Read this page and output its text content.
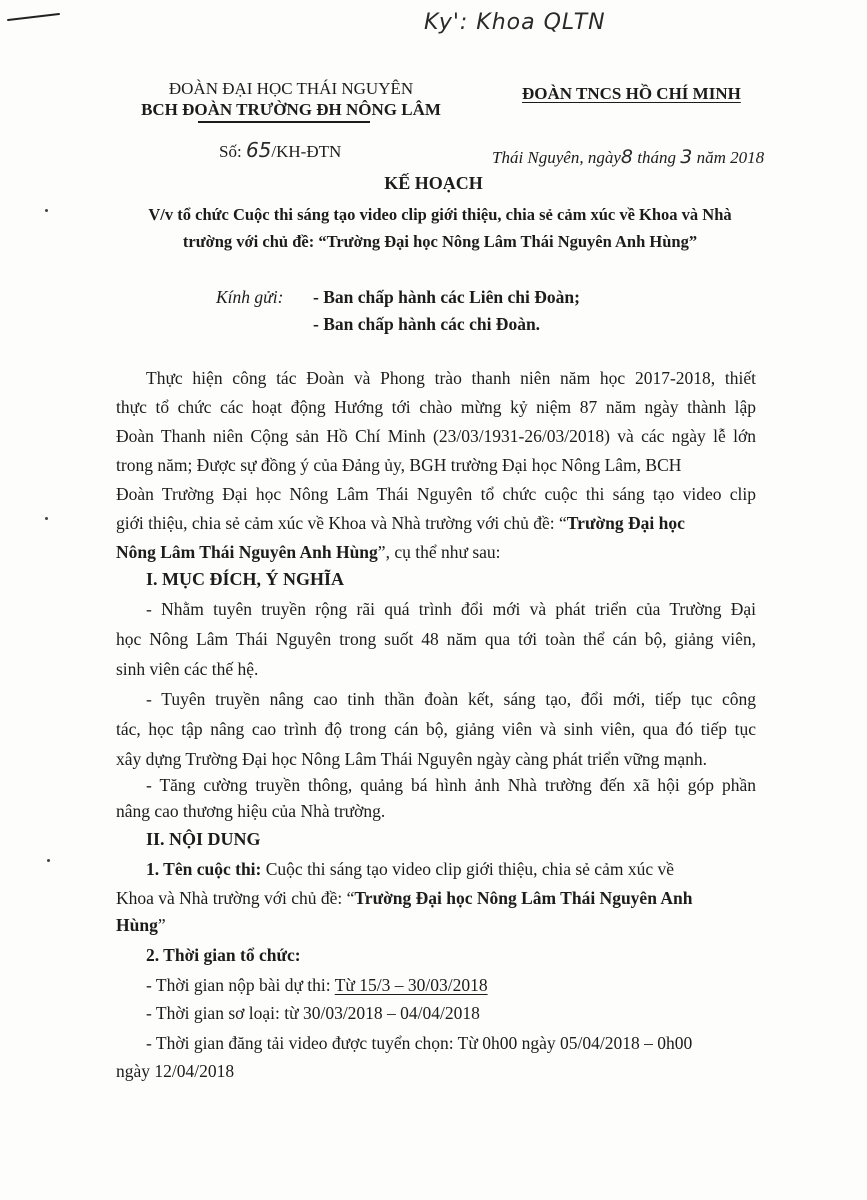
Ky': Khoa QLTN
ĐOÀN ĐẠI HỌC THÁI NGUYÊN
BCH ĐOÀN TRƯỜNG ĐH NÔNG LÂM
ĐOÀN TNCS HỒ CHÍ MINH
Số: 65/KH-ĐTN	Thái Nguyên, ngày8 tháng 3 năm 2018
KẾ HOẠCH
V/v tổ chức Cuộc thi sáng tạo video clip giới thiệu, chia sẻ cảm xúc về Khoa và Nhà
trường với chủ đề: “Trường Đại học Nông Lâm Thái Nguyên Anh Hùng”
Kính gửi: - Ban chấp hành các Liên chi Đoàn;
- Ban chấp hành các chi Đoàn.
Thực hiện công tác Đoàn và Phong trào thanh niên năm học 2017-2018, thiết
thực tổ chức các hoạt động Hướng tới chào mừng kỷ niệm 87 năm ngày thành lập
Đoàn Thanh niên Cộng sản Hồ Chí Minh (23/03/1931-26/03/2018) và các ngày lễ lớn
trong năm; Được sự đồng ý của Đảng ủy, BGH trường Đại học Nông Lâm, BCH
Đoàn Trường Đại học Nông Lâm Thái Nguyên tổ chức cuộc thi sáng tạo video clip
giới thiệu, chia sẻ cảm xúc về Khoa và Nhà trường với chủ đề: “Trường Đại học
Nông Lâm Thái Nguyên Anh Hùng”, cụ thể như sau:
I. MỤC ĐÍCH, Ý NGHĨA
- Nhằm tuyên truyền rộng rãi quá trình đổi mới và phát triển của Trường Đại
học Nông Lâm Thái Nguyên trong suốt 48 năm qua tới toàn thể cán bộ, giảng viên,
sinh viên các thế hệ.
- Tuyên truyền nâng cao tinh thần đoàn kết, sáng tạo, đổi mới, tiếp tục công
tác, học tập nâng cao trình độ trong cán bộ, giảng viên và sinh viên, qua đó tiếp tục
xây dựng Trường Đại học Nông Lâm Thái Nguyên ngày càng phát triển vững mạnh.
- Tăng cường truyền thông, quảng bá hình ảnh Nhà trường đến xã hội góp phần
nâng cao thương hiệu của Nhà trường.
II. NỘI DUNG
1. Tên cuộc thi: Cuộc thi sáng tạo video clip giới thiệu, chia sẻ cảm xúc về
Khoa và Nhà trường với chủ đề: “Trường Đại học Nông Lâm Thái Nguyên Anh
Hùng”
2. Thời gian tổ chức:
- Thời gian nộp bài dự thi: Từ 15/3 – 30/03/2018
- Thời gian sơ loại: từ 30/03/2018 – 04/04/2018
- Thời gian đăng tải video được tuyển chọn: Từ 0h00 ngày 05/04/2018 – 0h00
ngày 12/04/2018
